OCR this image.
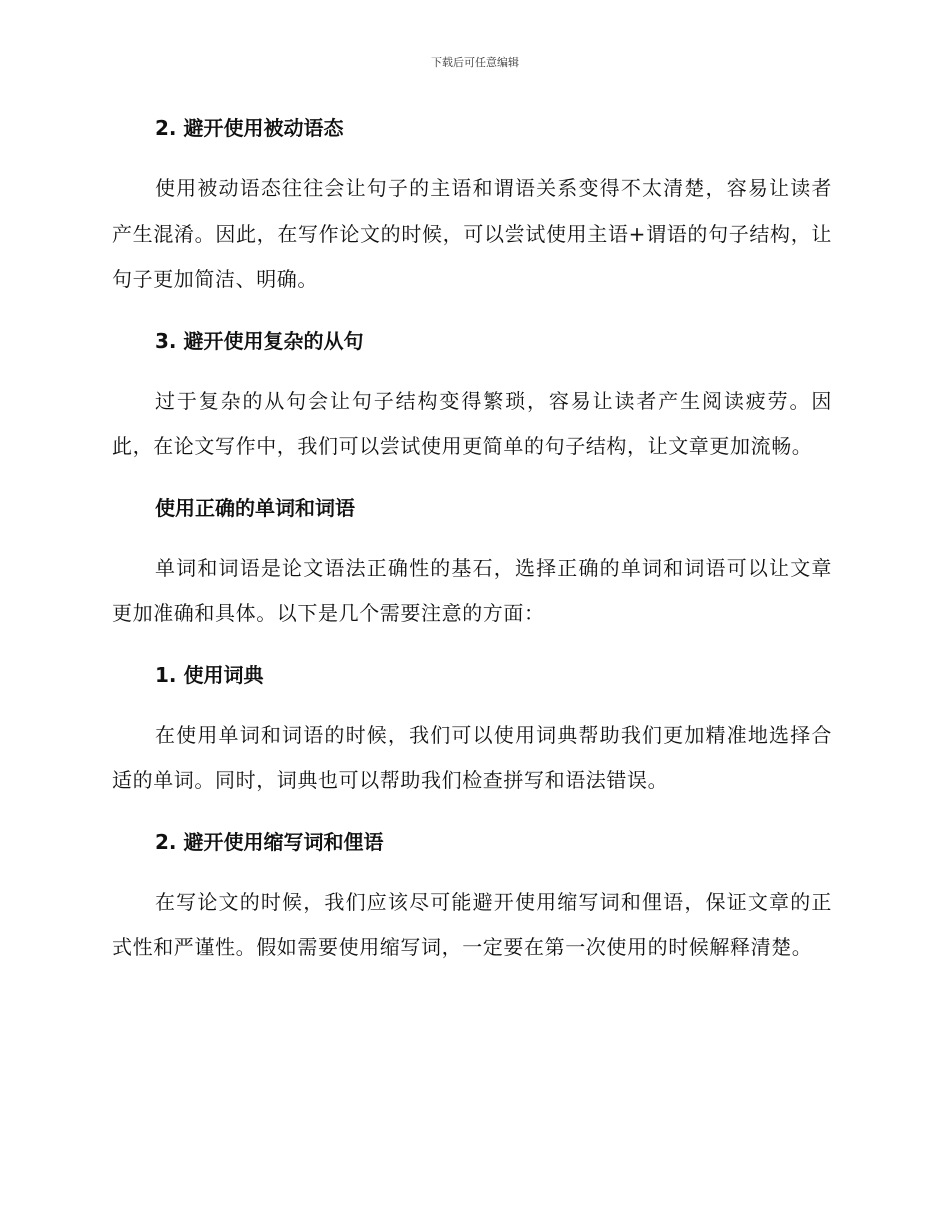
下载后可任意编辑
2. 避开使用被动语态

使用被动语态往往会让句子的主语和谓语关系变得不太清楚，容易让读者产生混淆。因此，在写作论文的时候，可以尝试使用主语+谓语的句子结构，让句子更加简洁、明确。

3. 避开使用复杂的从句

过于复杂的从句会让句子结构变得繁琐，容易让读者产生阅读疲劳。因此，在论文写作中，我们可以尝试使用更简单的句子结构，让文章更加流畅。

使用正确的单词和词语

单词和词语是论文语法正确性的基石，选择正确的单词和词语可以让文章更加准确和具体。以下是几个需要注意的方面：

1. 使用词典

在使用单词和词语的时候，我们可以使用词典帮助我们更加精准地选择合适的单词。同时，词典也可以帮助我们检查拼写和语法错误。

2. 避开使用缩写词和俚语

在写论文的时候，我们应该尽可能避开使用缩写词和俚语，保证文章的正式性和严谨性。假如需要使用缩写词，一定要在第一次使用的时候解释清楚。
